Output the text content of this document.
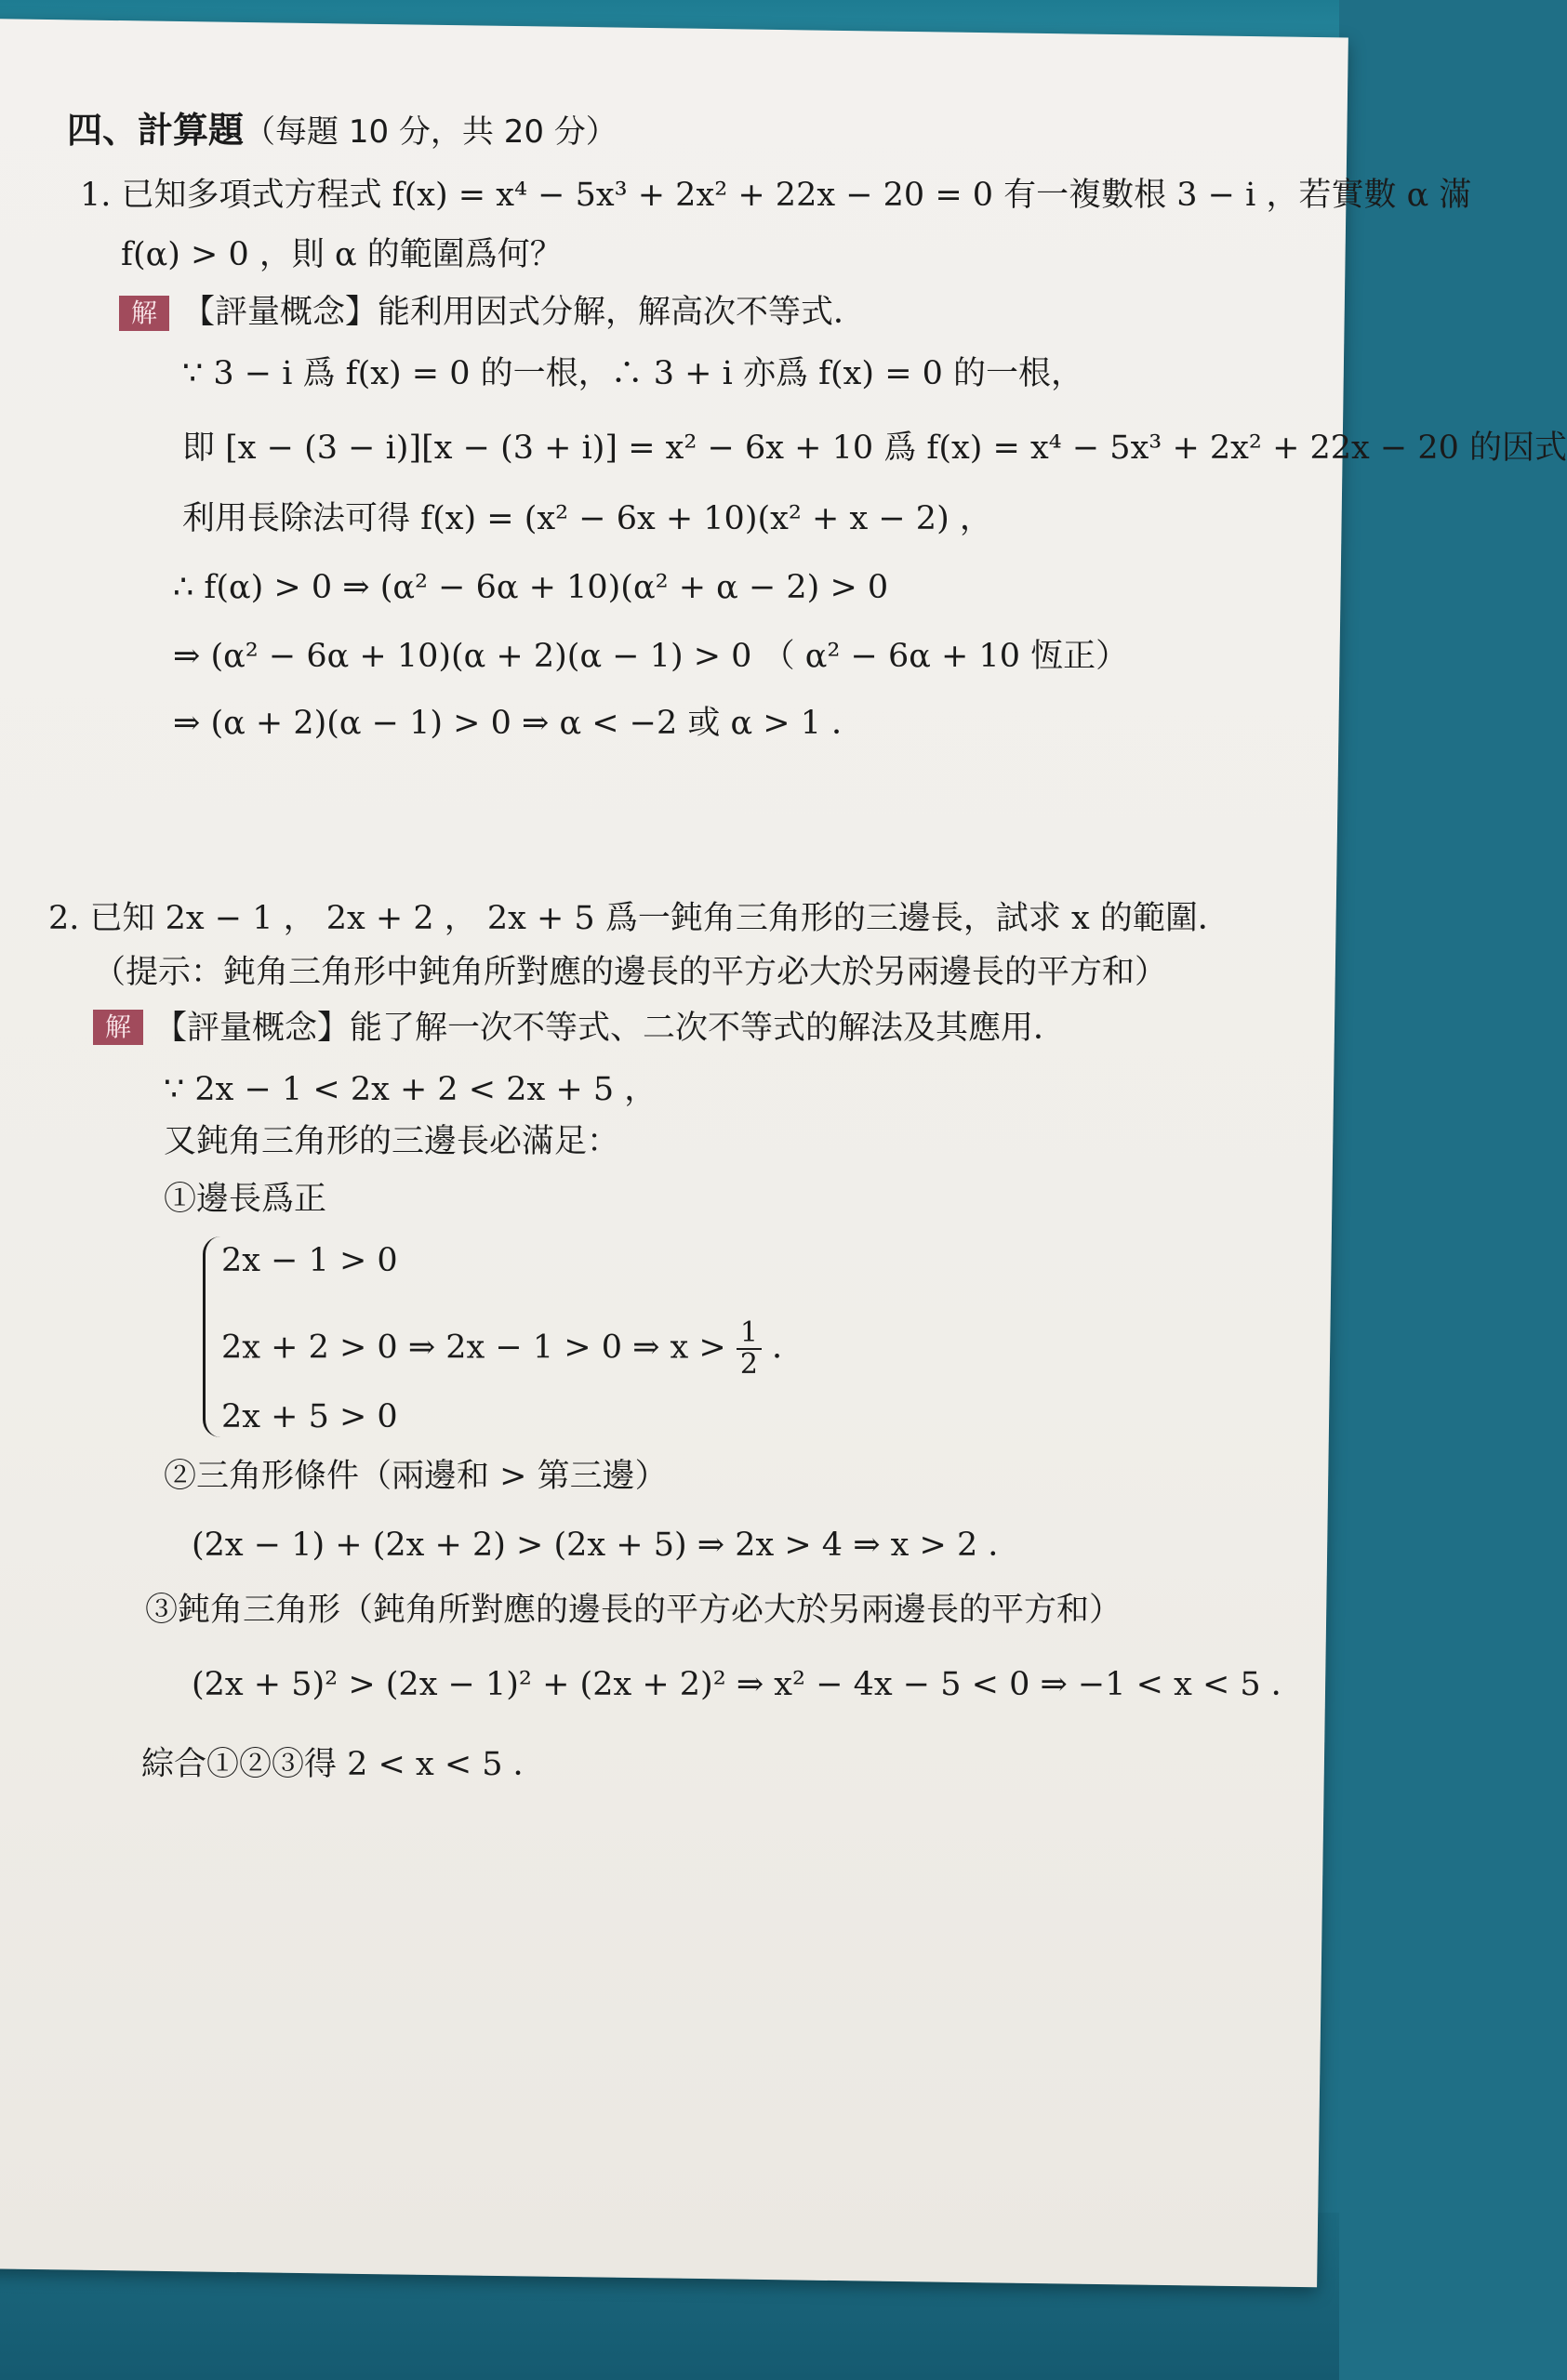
四、計算題（每題 10 分，共 20 分）
1. 已知多項式方程式 f(x) = x⁴ − 5x³ + 2x² + 22x − 20 = 0 有一複數根 3 − i ，若實數 α 滿
f(α) > 0 ，則 α 的範圍爲何？
解 【評量概念】能利用因式分解，解高次不等式．
∵ 3 − i 爲 f(x) = 0 的一根，∴ 3 + i 亦爲 f(x) = 0 的一根，
即 [x − (3 − i)][x − (3 + i)] = x² − 6x + 10 爲 f(x) = x⁴ − 5x³ + 2x² + 22x − 20 的因式
利用長除法可得 f(x) = (x² − 6x + 10)(x² + x − 2) ，
∴ f(α) > 0 ⇒ (α² − 6α + 10)(α² + α − 2) > 0
⇒ (α² − 6α + 10)(α + 2)(α − 1) > 0 （ α² − 6α + 10 恆正）
⇒ (α + 2)(α − 1) > 0 ⇒ α < −2 或 α > 1 ．
2. 已知 2x − 1 ， 2x + 2 ， 2x + 5 爲一鈍角三角形的三邊長，試求 x 的範圍．
（提示：鈍角三角形中鈍角所對應的邊長的平方必大於另兩邊長的平方和）
解 【評量概念】能了解一次不等式、二次不等式的解法及其應用．
∵ 2x − 1 < 2x + 2 < 2x + 5 ，
又鈍角三角形的三邊長必滿足：
①邊長爲正
2x − 1 > 0
2x + 2 > 0 ⇒ 2x − 1 > 0 ⇒ $x > \frac{1}{2}$ ．
2x + 5 > 0
②三角形條件（兩邊和 > 第三邊）
(2x − 1) + (2x + 2) > (2x + 5) ⇒ 2x > 4 ⇒ x > 2 ．
③鈍角三角形（鈍角所對應的邊長的平方必大於另兩邊長的平方和）
(2x + 5)² > (2x − 1)² + (2x + 2)² ⇒ x² − 4x − 5 < 0 ⇒ −1 < x < 5 ．
綜合①②③得 2 < x < 5 ．
